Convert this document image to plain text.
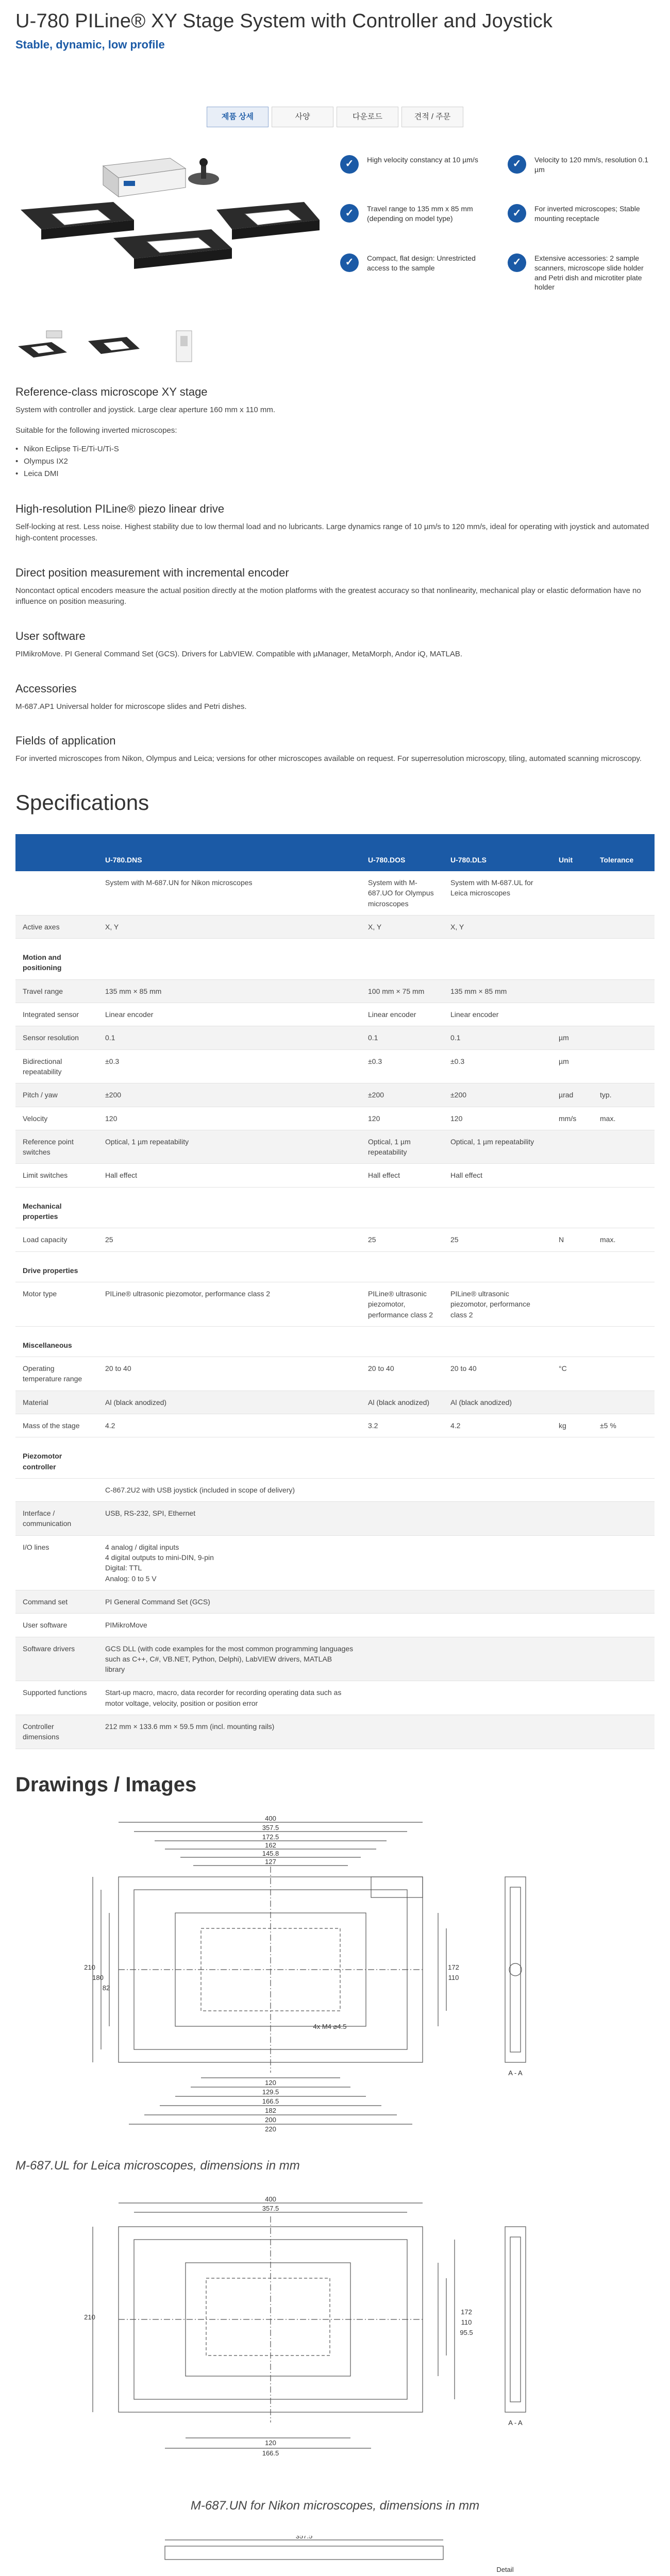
U-780 PILine® XY Stage System with Controller and Joystick
Stable, dynamic, low profile
제품 상세	사양	다운로드	견적 / 주문
✓	High velocity constancy at 10 µm/s	✓	Velocity to 120 mm/s, resolution 0.1 µm
✓	Travel range to 135 mm x 85 mm (depending on model type)	✓	For inverted microscopes; Stable mounting receptacle
✓	Compact, flat design: Unrestricted access to the sample	✓	Extensive accessories: 2 sample scanners, microscope slide holder and Petri dish and microtiter plate holder
Reference-class microscope XY stage

System with controller and joystick. Large clear aperture 160 mm x 110 mm.

Suitable for the following inverted microscopes:

• Nikon Eclipse Ti-E/Ti-U/Ti-S
• Olympus IX2
• Leica DMI
High-resolution PILine® piezo linear drive

Self-locking at rest. Less noise. Highest stability due to low thermal load and no lubricants. Large dynamics range of 10 µm/s to 120 mm/s, ideal for operating with joystick and automated high-content processes.

Direct position measurement with incremental encoder

Noncontact optical encoders measure the actual position directly at the motion platforms with the greatest accuracy so that nonlinearity, mechanical play or elastic deformation have no influence on position measuring.

User software

PIMikroMove. PI General Command Set (GCS). Drivers for LabVIEW. Compatible with µManager, MetaMorph, Andor iQ, MATLAB.

Accessories

M-687.AP1 Universal holder for microscope slides and Petri dishes.

Fields of application

For inverted microscopes from Nikon, Olympus and Leica; versions for other microscopes available on request. For superresolution microscopy, tiling, automated scanning microscopy.

Specifications
	U-780.DNS	U-780.DOS	U-780.DLS	Unit	Tolerance
	System with M-687.UN for Nikon microscopes	System with M-687.UO for Olympus microscopes	System with M-687.UL for Leica microscopes		
Active axes	X, Y	X, Y	X, Y		
Motion and positioning					
Travel range	135 mm × 85 mm	100 mm × 75 mm	135 mm × 85 mm		
Integrated sensor	Linear encoder	Linear encoder	Linear encoder		
Sensor resolution	0.1	0.1	0.1	µm	
Bidirectional repeatability	±0.3	±0.3	±0.3	µm	
Pitch / yaw	±200	±200	±200	µrad	typ.
Velocity	120	120	120	mm/s	max.
Reference point switches	Optical, 1 µm repeatability	Optical, 1 µm repeatability	Optical, 1 µm repeatability		
Limit switches	Hall effect	Hall effect	Hall effect		
Mechanical properties					
Load capacity	25	25	25	N	max.
Drive properties					
Motor type	PILine® ultrasonic piezomotor, performance class 2	PILine® ultrasonic piezomotor, performance class 2	PILine® ultrasonic piezomotor, performance class 2		
Miscellaneous					
Operating temperature range	20 to 40	20 to 40	20 to 40	°C	
Material	Al (black anodized)	Al (black anodized)	Al (black anodized)		
Mass of the stage	4.2	3.2	4.2	kg	±5 %
Piezomotor controller					
	C-867.2U2 with USB joystick (included in scope of delivery)				
Interface / communication	USB, RS-232, SPI, Ethernet				
I/O lines	4 analog / digital inputs
4 digital outputs to mini-DIN, 9-pin
Digital: TTL
Analog: 0 to 5 V				
Command set	PI General Command Set (GCS)				
User software	PIMikroMove				
Software drivers	GCS DLL (with code examples for the most common programming languages such as C++, C#, VB.NET, Python, Delphi), LabVIEW drivers, MATLAB library				
Supported functions	Start-up macro, macro, data recorder for recording operating data such as motor voltage, velocity, position or position error				
Controller dimensions	212 mm × 133.6 mm × 59.5 mm (incl. mounting rails)				
Drawings / Images
400
357.5
172.5
162
145.8
127
120
129.5
166.5
182
200
220
210
180
82
172
110
4x M4 ⌀4.5
A - A
M-687.UL for Leica microscopes, dimensions in mm
400
357.5
120
166.5
210
172
110
95.5
A - A
M-687.UN for Nikon microscopes, dimensions in mm
357.5
Detail
